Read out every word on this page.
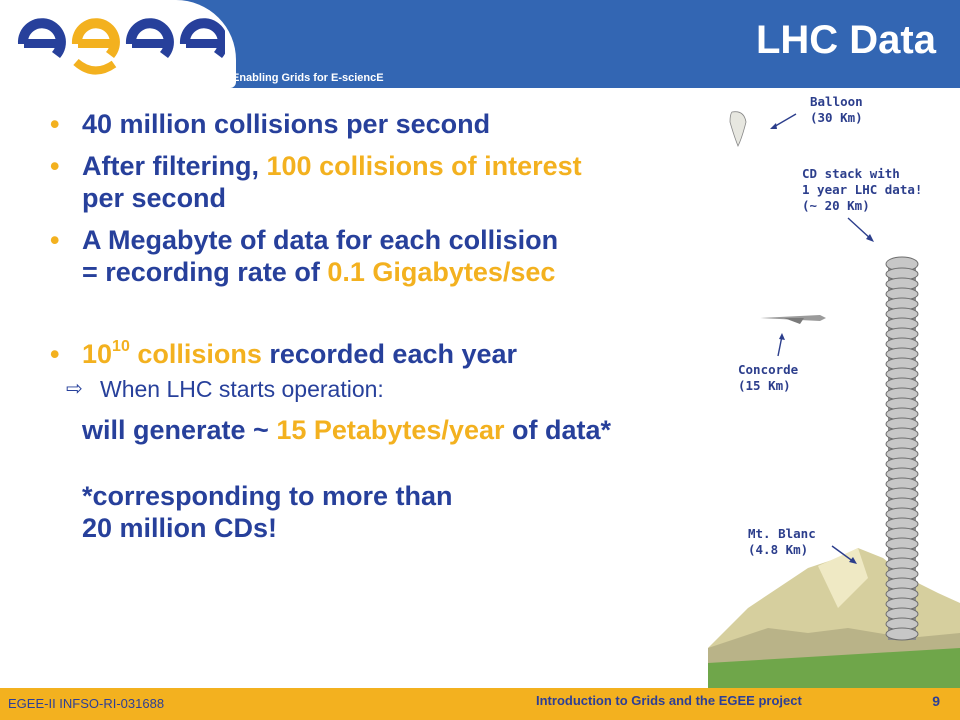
Enabling Grids for E-sciencE
LHC Data
• 40 million collisions per second
• After filtering, 100 collisions of interest
per second
• A Megabyte of data for each collision
= recording rate of 0.1 Gigabytes/sec
• $10^{10}$ collisions recorded each year
⇨ When LHC starts operation:
will generate ~ 15 Petabytes/year of data*
*corresponding to more than
20 million CDs!
Balloon
(30 Km)
CD stack with
1 year LHC data!
(~ 20 Km)
Concorde
(15 Km)
Mt. Blanc
(4.8 Km)
EGEE-II INFSO-RI-031688	Introduction to Grids and the EGEE project	9
